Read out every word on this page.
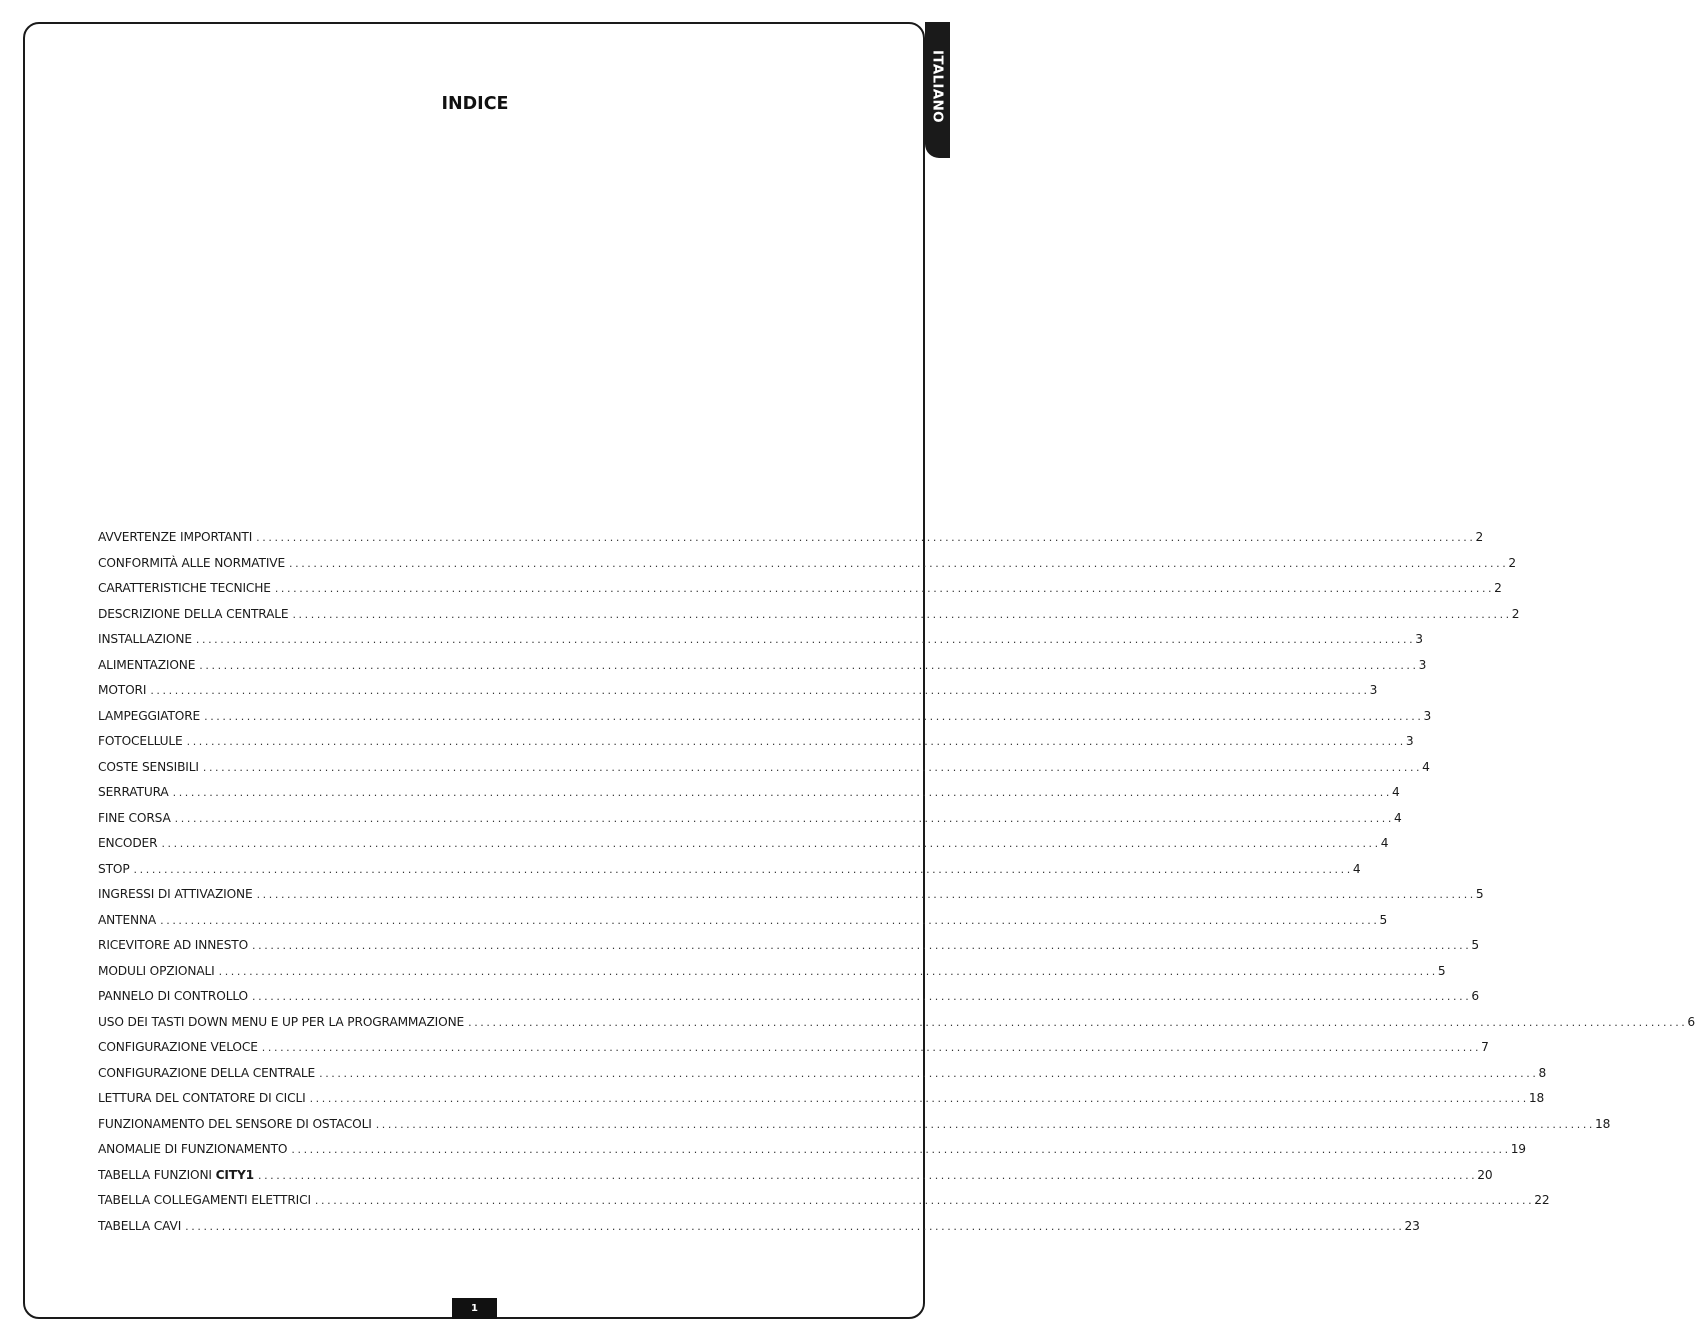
ITALIANO
INDICE
AVVERTENZE IMPORTANTI ........................................................................................................................................................................................................ 2
CONFORMITÀ ALLE NORMATIVE ........................................................................................................................................................................................................ 2
CARATTERISTICHE TECNICHE ........................................................................................................................................................................................................ 2
DESCRIZIONE DELLA CENTRALE ........................................................................................................................................................................................................ 2
INSTALLAZIONE ........................................................................................................................................................................................................ 3
ALIMENTAZIONE ........................................................................................................................................................................................................ 3
MOTORI ........................................................................................................................................................................................................ 3
LAMPEGGIATORE ........................................................................................................................................................................................................ 3
FOTOCELLULE ........................................................................................................................................................................................................ 3
COSTE SENSIBILI ........................................................................................................................................................................................................ 4
SERRATURA ........................................................................................................................................................................................................ 4
FINE CORSA ........................................................................................................................................................................................................ 4
ENCODER ........................................................................................................................................................................................................ 4
STOP ........................................................................................................................................................................................................ 4
INGRESSI DI ATTIVAZIONE ........................................................................................................................................................................................................ 5
ANTENNA ........................................................................................................................................................................................................ 5
RICEVITORE AD INNESTO ........................................................................................................................................................................................................ 5
MODULI OPZIONALI ........................................................................................................................................................................................................ 5
PANNELO DI CONTROLLO ........................................................................................................................................................................................................ 6
USO DEI TASTI DOWN MENU E UP PER LA PROGRAMMAZIONE ........................................................................................................................................................................................................ 6
CONFIGURAZIONE VELOCE ........................................................................................................................................................................................................ 7
CONFIGURAZIONE DELLA CENTRALE ........................................................................................................................................................................................................ 8
LETTURA DEL CONTATORE DI CICLI ........................................................................................................................................................................................................ 18
FUNZIONAMENTO DEL SENSORE DI OSTACOLI ........................................................................................................................................................................................................ 18
ANOMALIE DI FUNZIONAMENTO ........................................................................................................................................................................................................ 19
TABELLA FUNZIONI CITY1 ........................................................................................................................................................................................................ 20
TABELLA COLLEGAMENTI ELETTRICI ........................................................................................................................................................................................................ 22
TABELLA CAVI ........................................................................................................................................................................................................ 23
1
